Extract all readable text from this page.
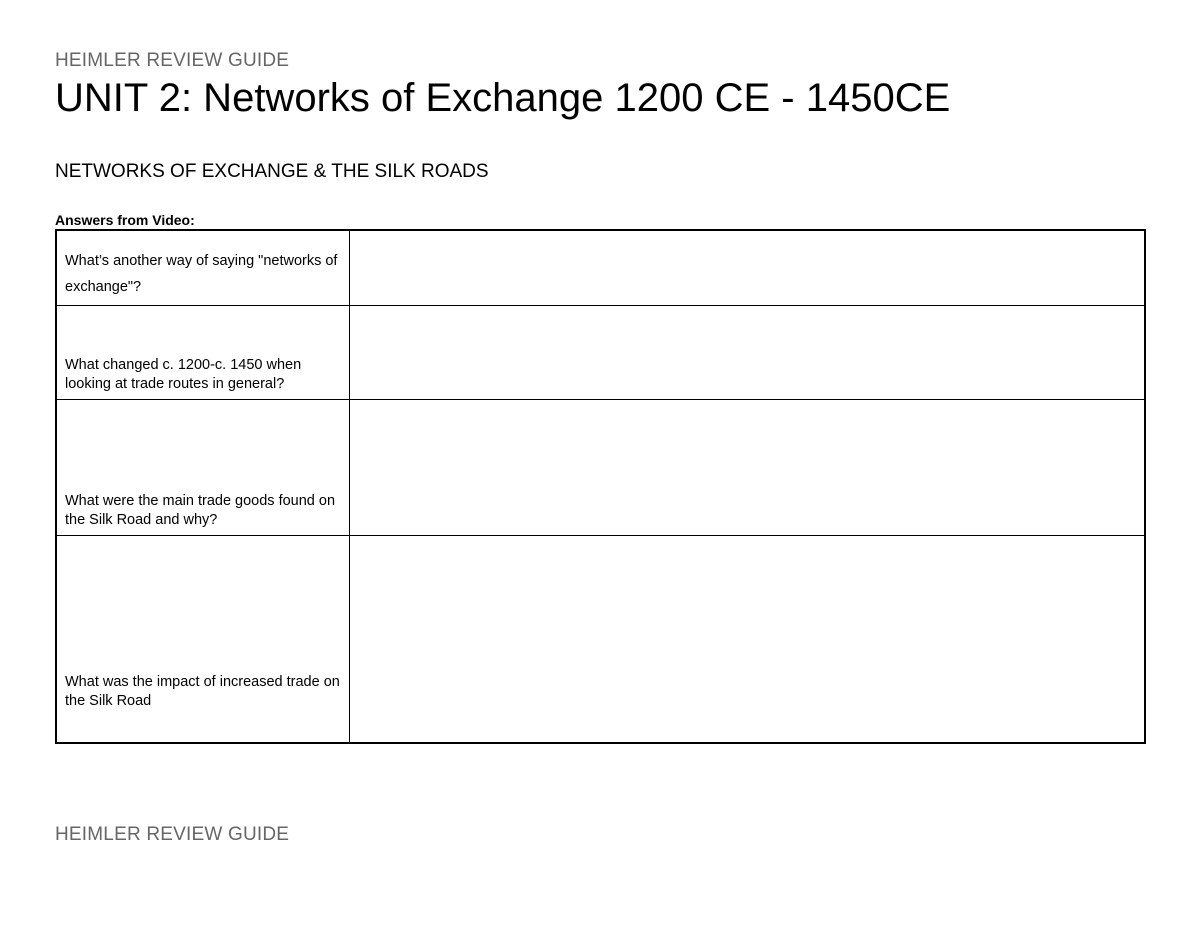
HEIMLER REVIEW GUIDE
UNIT 2: Networks of Exchange 1200 CE - 1450CE
NETWORKS OF EXCHANGE & THE SILK ROADS
Answers from Video:
What’s another way of saying "networks of exchange"?	
What changed c. 1200-c. 1450 when looking at trade routes in general?	
What were the main trade goods found on the Silk Road and why?	
What was the impact of increased trade on the Silk Road	
HEIMLER REVIEW GUIDE
